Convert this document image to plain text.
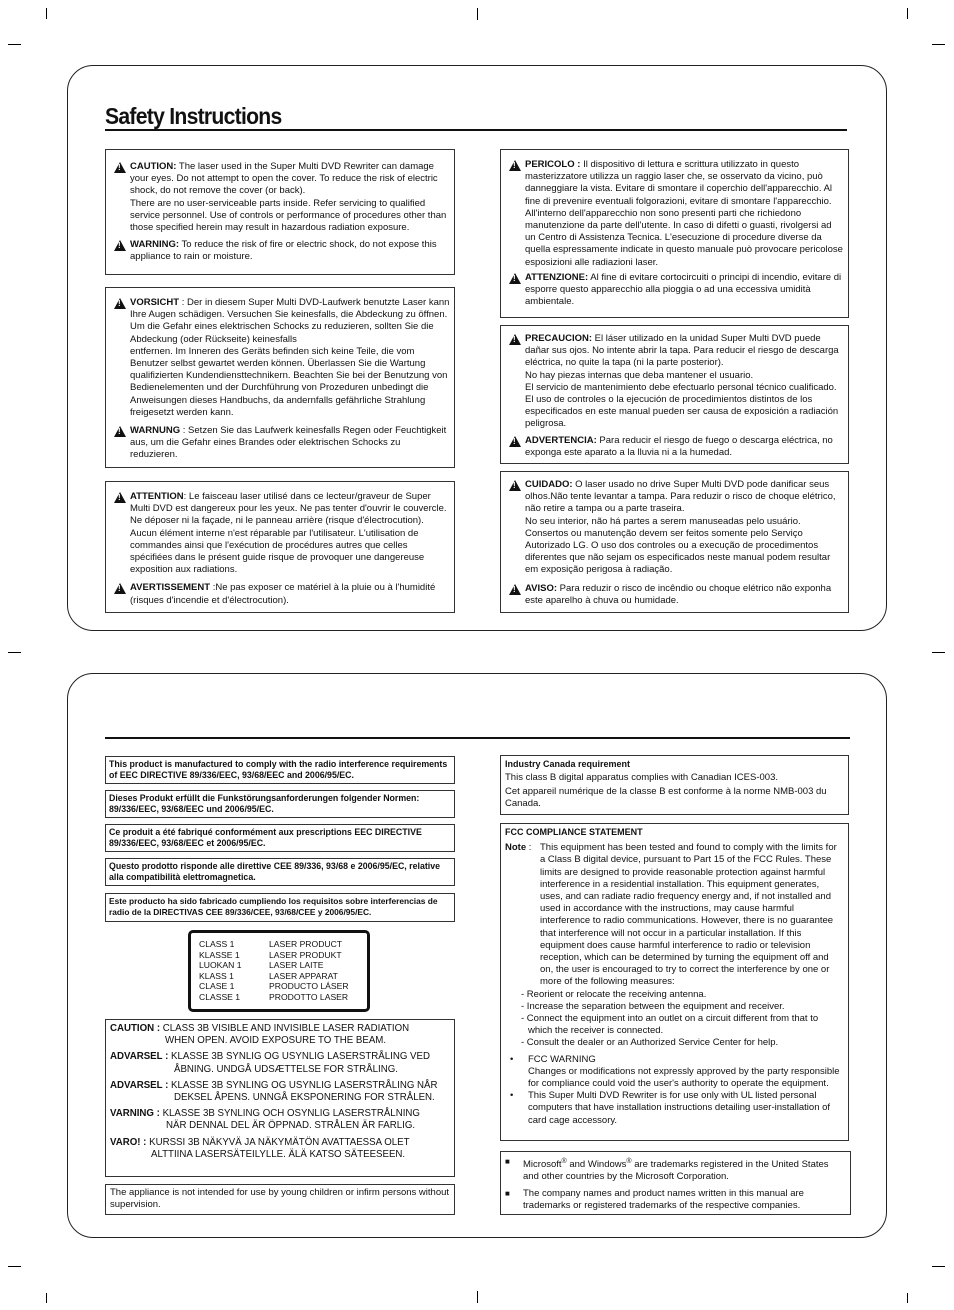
Safety Instructions
!

CAUTION: The laser used in the Super Multi DVD Rewriter can damage your eyes. Do not attempt to open the cover. To reduce the risk of electric shock, do not remove the cover (or back).

There are no user-serviceable parts inside. Refer servicing to qualified service personnel. Use of controls or performance of procedures other than those specified herein may result in hazardous radiation exposure.

!

WARNING: To reduce the risk of fire or electric shock, do not expose this appliance to rain or moisture.

!

VORSICHT : Der in diesem Super Multi DVD-Laufwerk benutzte Laser kann Ihre Augen schädigen. Versuchen Sie keinesfalls, die Abdeckung zu öffnen. Um die Gefahr eines elektrischen Schocks zu reduzieren, sollten Sie die Abdeckung (oder Rückseite) keinesfalls

entfernen. Im Inneren des Geräts befinden sich keine Teile, die vom Benutzer selbst gewartet werden können. Überlassen Sie die Wartung qualifizierten Kundendiensttechnikern. Beachten Sie bei der Benutzung von Bedienelementen und der Durchführung von Prozeduren unbedingt die Anweisungen dieses Handbuchs, da andernfalls gefährliche Strahlung freigesetzt werden kann.

!

WARNUNG : Setzen Sie das Laufwerk keinesfalls Regen oder Feuchtigkeit aus, um die Gefahr eines Brandes oder elektrischen Schocks zu reduzieren.

!

ATTENTION: Le faisceau laser utilisé dans ce lecteur/graveur de Super Multi DVD est dangereux pour les yeux. Ne pas tenter d'ouvrir le couvercle. Ne déposer ni la façade, ni le panneau arrière (risque d'électrocution). Aucun élément interne n'est réparable par l'utilisateur. L'utilisation de commandes ainsi que l'exécution de procédures autres que celles spécifiées dans le présent guide risque de provoquer une dangereuse exposition aux radiations.

!

AVERTISSEMENT :Ne pas exposer ce matériel à la pluie ou à l'humidité (risques d'incendie et d'électrocution).

!

PERICOLO : Il dispositivo di lettura e scrittura utilizzato in questo masterizzatore utilizza un raggio laser che, se osservato da vicino, può danneggiare la vista. Evitare di smontare il coperchio dell'apparecchio. Al fine di prevenire eventuali folgorazioni, evitare di smontare l'apparecchio. All'interno dell'apparecchio non sono presenti parti che richiedono manutenzione da parte dell'utente. In caso di difetti o guasti, rivolgersi ad un Centro di Assistenza Tecnica. L'esecuzione di procedure diverse da quella espressamente indicate in questo manuale può provocare pericolose esposizioni alle radiazioni laser.

!

ATTENZIONE: Al fine di evitare cortocircuiti o principi di incendio, evitare di esporre questo apparecchio alla pioggia o ad una eccessiva umidità ambientale.

!

PRECAUCION: El láser utilizado en la unidad Super Multi DVD puede dañar sus ojos. No intente abrir la tapa. Para reducir el riesgo de descarga eléctrica, no quite la tapa (ni la parte posterior).

No hay piezas internas que deba mantener el usuario.

El servicio de mantenimiento debe efectuarlo personal técnico cualificado. El uso de controles o la ejecución de procedimientos distintos de los especificados en este manual pueden ser causa de exposición a radiación peligrosa.

!

ADVERTENCIA: Para reducir el riesgo de fuego o descarga eléctrica, no exponga este aparato a la lluvia ni a la humedad.

!

CUIDADO: O laser usado no drive Super Multi DVD pode danificar seus olhos.Não tente levantar a tampa. Para reduzir o risco de choque elétrico, não retire a tampa ou a parte traseira.

No seu interior, não há partes a serem manuseadas pelo usuário. Consertos ou manutenção devem ser feitos somente pelo Serviço Autorizado LG. O uso dos controles ou a execução de procedimentos diferentes que não sejam os especificados neste manual podem resultar em exposição perigosa à radiação.

!

AVISO: Para reduzir o risco de incêndio ou choque elétrico não exponha este aparelho à chuva ou humidade.

This product is manufactured to comply with the radio interference requirements of EEC DIRECTIVE 89/336/EEC, 93/68/EEC and 2006/95/EC.
Dieses Produkt erfüllt die Funkstörungsanforderungen folgender Normen: 89/336/EEC, 93/68/EEC und 2006/95/EC.
Ce produit a été fabriqué conformément aux prescriptions EEC DIRECTIVE 89/336/EEC, 93/68/EEC et 2006/95/EC.
Questo prodotto risponde alle direttive CEE 89/336, 93/68 e 2006/95/EC, relative alla compatibilità elettromagnetica.
Este producto ha sido fabricado cumpliendo los requisitos sobre interferencias de radio de la DIRECTIVAS CEE 89/336/CEE, 93/68/CEE y 2006/95/EC.
CLASS 1	LASER PRODUCT
KLASSE 1	LASER PRODUKT
LUOKAN 1	LASER LAITE
KLASS 1	LASER APPARAT
CLASE 1	PRODUCTO LÁSER
CLASSE 1	PRODOTTO LASER
CAUTION :
CLASS 3B VISIBLE AND INVISIBLE LASER RADIATION
WHEN OPEN. AVOID EXPOSURE TO THE BEAM.
ADVARSEL :
KLASSE 3B SYNLIG OG USYNLIG LASERSTRÅLING VED
ÅBNING. UNDGÅ UDSÆTTELSE FOR STRÅLING.
ADVARSEL :
KLASSE 3B SYNLING OG USYNLIG LASERSTRÅLING NÅR
DEKSEL ÅPENS. UNNGÅ EKSPONERING FOR STRÅLEN.
VARNING :
KLASSE 3B SYNLING OCH OSYNLIG LASERSTRÅLNING
NÄR DENNAL DEL ÄR ÖPPNAD. STRÅLEN ÄR FARLIG.
VARO! :
KURSSI 3B NÄKYVÄ JA NÄKYMÄTÖN AVATTAESSA OLET
ALTTIINA LASERSÄTEILYLLE. ÄLÄ KATSO SÄTEESEEN.
The appliance is not intended for use by young children or infirm persons without supervision.

Industry Canada requirement

This class B digital apparatus complies with Canadian ICES-003.

Cet appareil numérique de la classe B est conforme à la norme NMB-003 du Canada.

FCC COMPLIANCE STATEMENT

Note : This equipment has been tested and found to comply with the limits for a Class B digital device, pursuant to Part 15 of the FCC Rules. These limits are designed to provide reasonable protection against harmful interference in a residential installation. This equipment generates, uses, and can radiate radio frequency energy and, if not installed and used in accordance with the instructions, may cause harmful interference to radio communications. However, there is no guarantee that interference will not occur in a particular installation. If this equipment does cause harmful interference to radio or television reception, which can be determined by turning the equipment off and on, the user is encouraged to try to correct the interference by one or more of the following measures:
- Reorient or relocate the receiving antenna.
- Increase the separation between the equipment and receiver.
- Connect the equipment into an outlet on a circuit different from that to which the receiver is connected.
- Consult the dealer or an Authorized Service Center for help.
•	FCC WARNING

Changes or modifications not expressly approved by the party responsible for compliance could void the user's authority to operate the equipment.

•	This Super Multi DVD Rewriter is for use only with UL listed personal computers that have installation instructions detailing user-installation of card cage accessory.

■	Microsoft® and Windows® are trademarks registered in the United States and other countries by the Microsoft Corporation.

■	The company names and product names written in this manual are trademarks or registered trademarks of the respective companies.
